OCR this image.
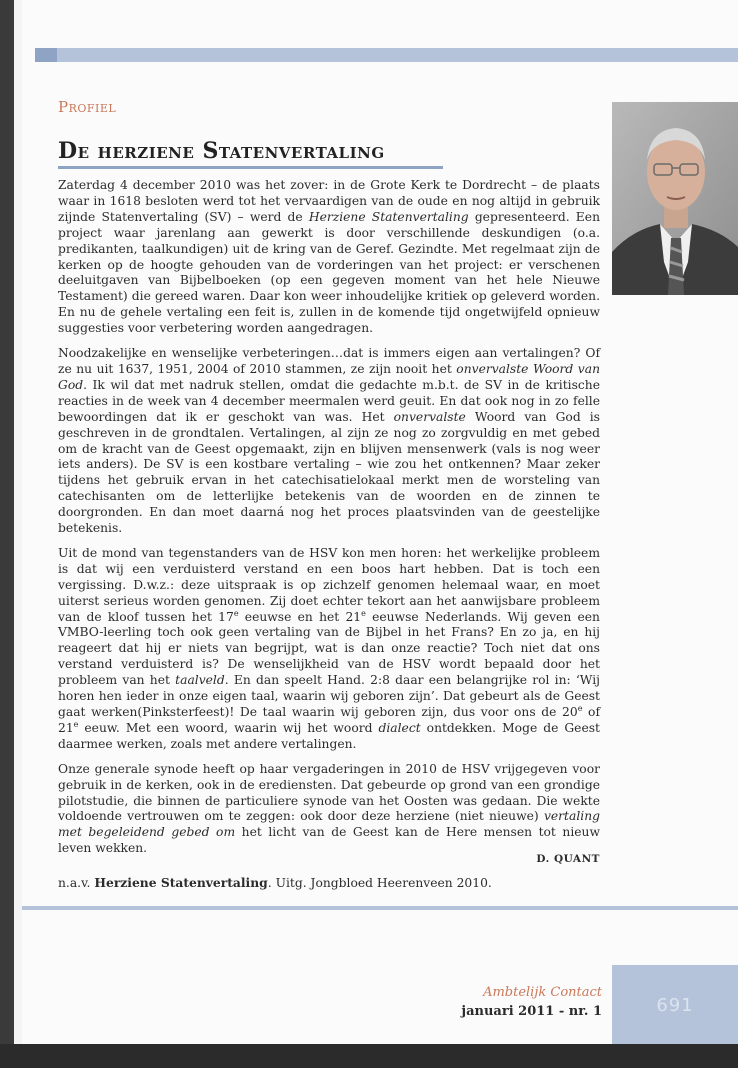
Profiel
De herziene Statenvertaling

Zaterdag 4 december 2010 was het zover: in de Grote Kerk te Dordrecht – de plaats waar in 1618 besloten werd tot het vervaardigen van de oude en nog altijd in gebruik zijnde Statenvertaling (SV) – werd de Herziene Statenvertaling gepresenteerd. Een project waar jarenlang aan gewerkt is door verschillende deskundigen (o.a. predikanten, taalkundigen) uit de kring van de Geref. Gezindte. Met regelmaat zijn de kerken op de hoogte gehouden van de vorderingen van het project: er verschenen deeluitgaven van Bijbelboeken (op een gegeven moment van het hele Nieuwe Testament) die gereed waren. Daar kon weer inhoudelijke kritiek op geleverd worden. En nu de gehele vertaling een feit is, zullen in de komende tijd ongetwijfeld opnieuw suggesties voor verbetering worden aangedragen.

Noodzakelijke en wenselijke verbeteringen…dat is immers eigen aan vertalingen? Of ze nu uit 1637, 1951, 2004 of 2010 stammen, ze zijn nooit het onvervalste Woord van God. Ik wil dat met nadruk stellen, omdat die gedachte m.b.t. de SV in de kritische reacties in de week van 4 december meermalen werd geuit. En dat ook nog in zo felle bewoordingen dat ik er geschokt van was. Het onvervalste Woord van God is geschreven in de grondtalen. Vertalingen, al zijn ze nog zo zorgvuldig en met gebed om de kracht van de Geest opgemaakt, zijn en blijven mensenwerk (vals is nog weer iets anders). De SV is een kostbare vertaling – wie zou het ontkennen? Maar zeker tijdens het gebruik ervan in het catechisatielokaal merkt men de worsteling van catechisanten om de letterlijke betekenis van de woorden en de zinnen te doorgronden. En dan moet daarná nog het proces plaatsvinden van de geestelijke betekenis.

Uit de mond van tegenstanders van de HSV kon men horen: het werkelijke probleem is dat wij een verduisterd verstand en een boos hart hebben. Dat is toch een vergissing. D.w.z.: deze uitspraak is op zichzelf genomen helemaal waar, en moet uiterst serieus worden genomen. Zij doet echter tekort aan het aanwijsbare probleem van de kloof tussen het 17e eeuwse en het 21e eeuwse Nederlands. Wij geven een VMBO-leerling toch ook geen vertaling van de Bijbel in het Frans? En zo ja, en hij reageert dat hij er niets van begrijpt, wat is dan onze reactie? Toch niet dat ons verstand verduisterd is? De wenselijkheid van de HSV wordt bepaald door het probleem van het taalveld. En dan speelt Hand. 2:8 daar een belangrijke rol in: ‘Wij horen hen ieder in onze eigen taal, waarin wij geboren zijn’. Dat gebeurt als de Geest gaat werken(Pinksterfeest)! De taal waarin wij geboren zijn, dus voor ons de 20e of 21e eeuw. Met een woord, waarin wij het woord dialect ontdekken. Moge de Geest daarmee werken, zoals met andere vertalingen.

Onze generale synode heeft op haar vergaderingen in 2010 de HSV vrijgegeven voor gebruik in de kerken, ook in de erediensten. Dat gebeurde op grond van een grondige pilotstudie, die binnen de particuliere synode van het Oosten was gedaan. Die wekte voldoende vertrouwen om te zeggen: ook door deze herziene (niet nieuwe) vertaling met begeleidend gebed om het licht van de Geest kan de Here mensen tot nieuw leven wekken.

D. QUANT
n.a.v. Herziene Statenvertaling. Uitg. Jongbloed Heerenveen 2010.
Ambtelijk Contact
januari 2011 - nr. 1	691
